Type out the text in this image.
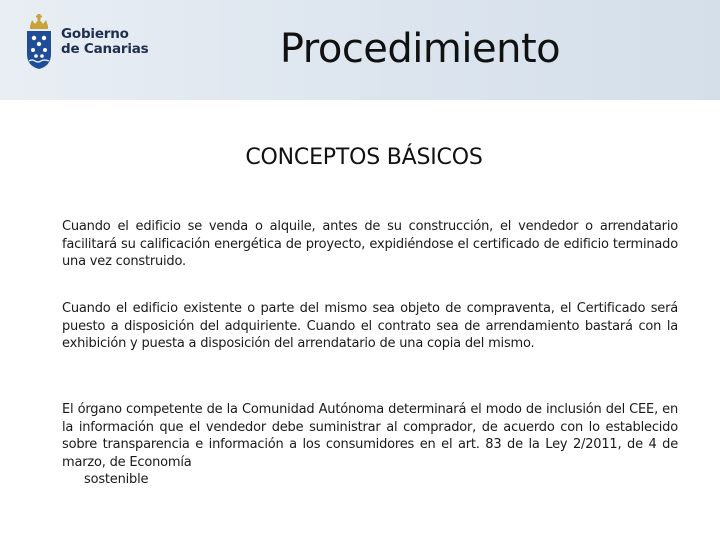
Gobierno
de Canarias	Procedimiento
CONCEPTOS BÁSICOS
Cuando el edificio se venda o alquile, antes de su construcción, el vendedor o arrendatario facilitará su calificación energética de proyecto, expidiéndose el certificado de edificio terminado una vez construido.
Cuando el edificio existente o parte del mismo sea objeto de compraventa, el Certificado será puesto a disposición del adquiriente. Cuando el contrato sea de arrendamiento bastará con la exhibición y puesta a disposición del arrendatario de una copia del mismo.
El órgano competente de la Comunidad Autónoma determinará el modo de inclusión del CEE, en la información que el vendedor debe suministrar al comprador, de acuerdo con lo establecido sobre transparencia e información a los consumidores en el art. 83 de la Ley 2/2011, de 4 de marzo, de Economía
sostenible
